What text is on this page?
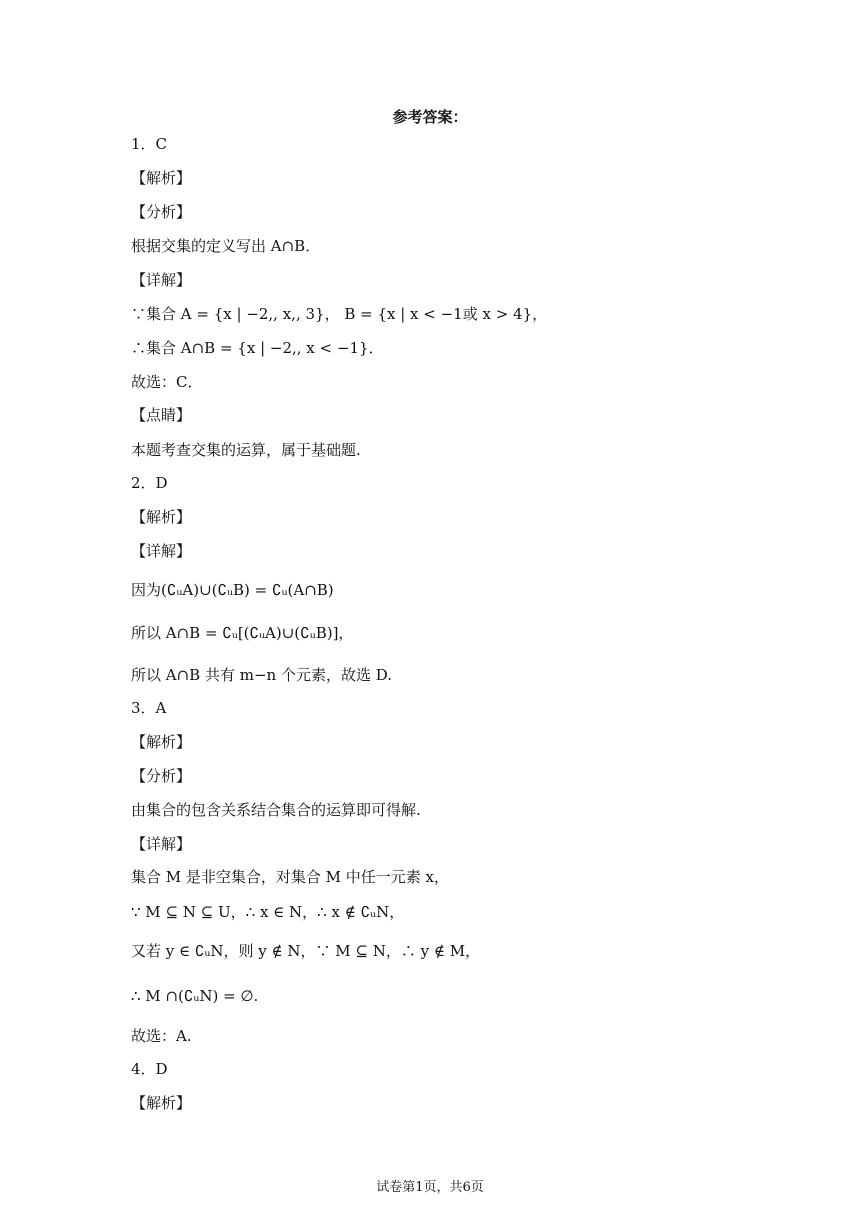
参考答案：
1．C
【解析】
【分析】
根据交集的定义写出 A∩B．
【详解】
∵集合 A = {x | −2,, x,, 3}， B = {x | x < −1或 x > 4}，
∴集合 A∩B = {x | −2,, x < −1}．
故选：C．
【点睛】
本题考查交集的运算，属于基础题.
2．D
【解析】
【详解】
因为(∁ᵤA)∪(∁ᵤB) = ∁ᵤ(A∩B)
所以 A∩B = ∁ᵤ[(∁ᵤA)∪(∁ᵤB)]，
所以 A∩B 共有 m−n 个元素，故选 D.
3．A
【解析】
【分析】
由集合的包含关系结合集合的运算即可得解.
【详解】
集合 M 是非空集合，对集合 M 中任一元素 x，
∵ M ⊆ N ⊆ U，∴ x ∈ N，∴ x ∉ ∁ᵤN，
又若 y ∈ ∁ᵤN，则 y ∉ N，∵ M ⊆ N，∴ y ∉ M，
∴ M ∩(∁ᵤN) = ∅.
故选：A.
4．D
【解析】
试卷第1页，共6页
